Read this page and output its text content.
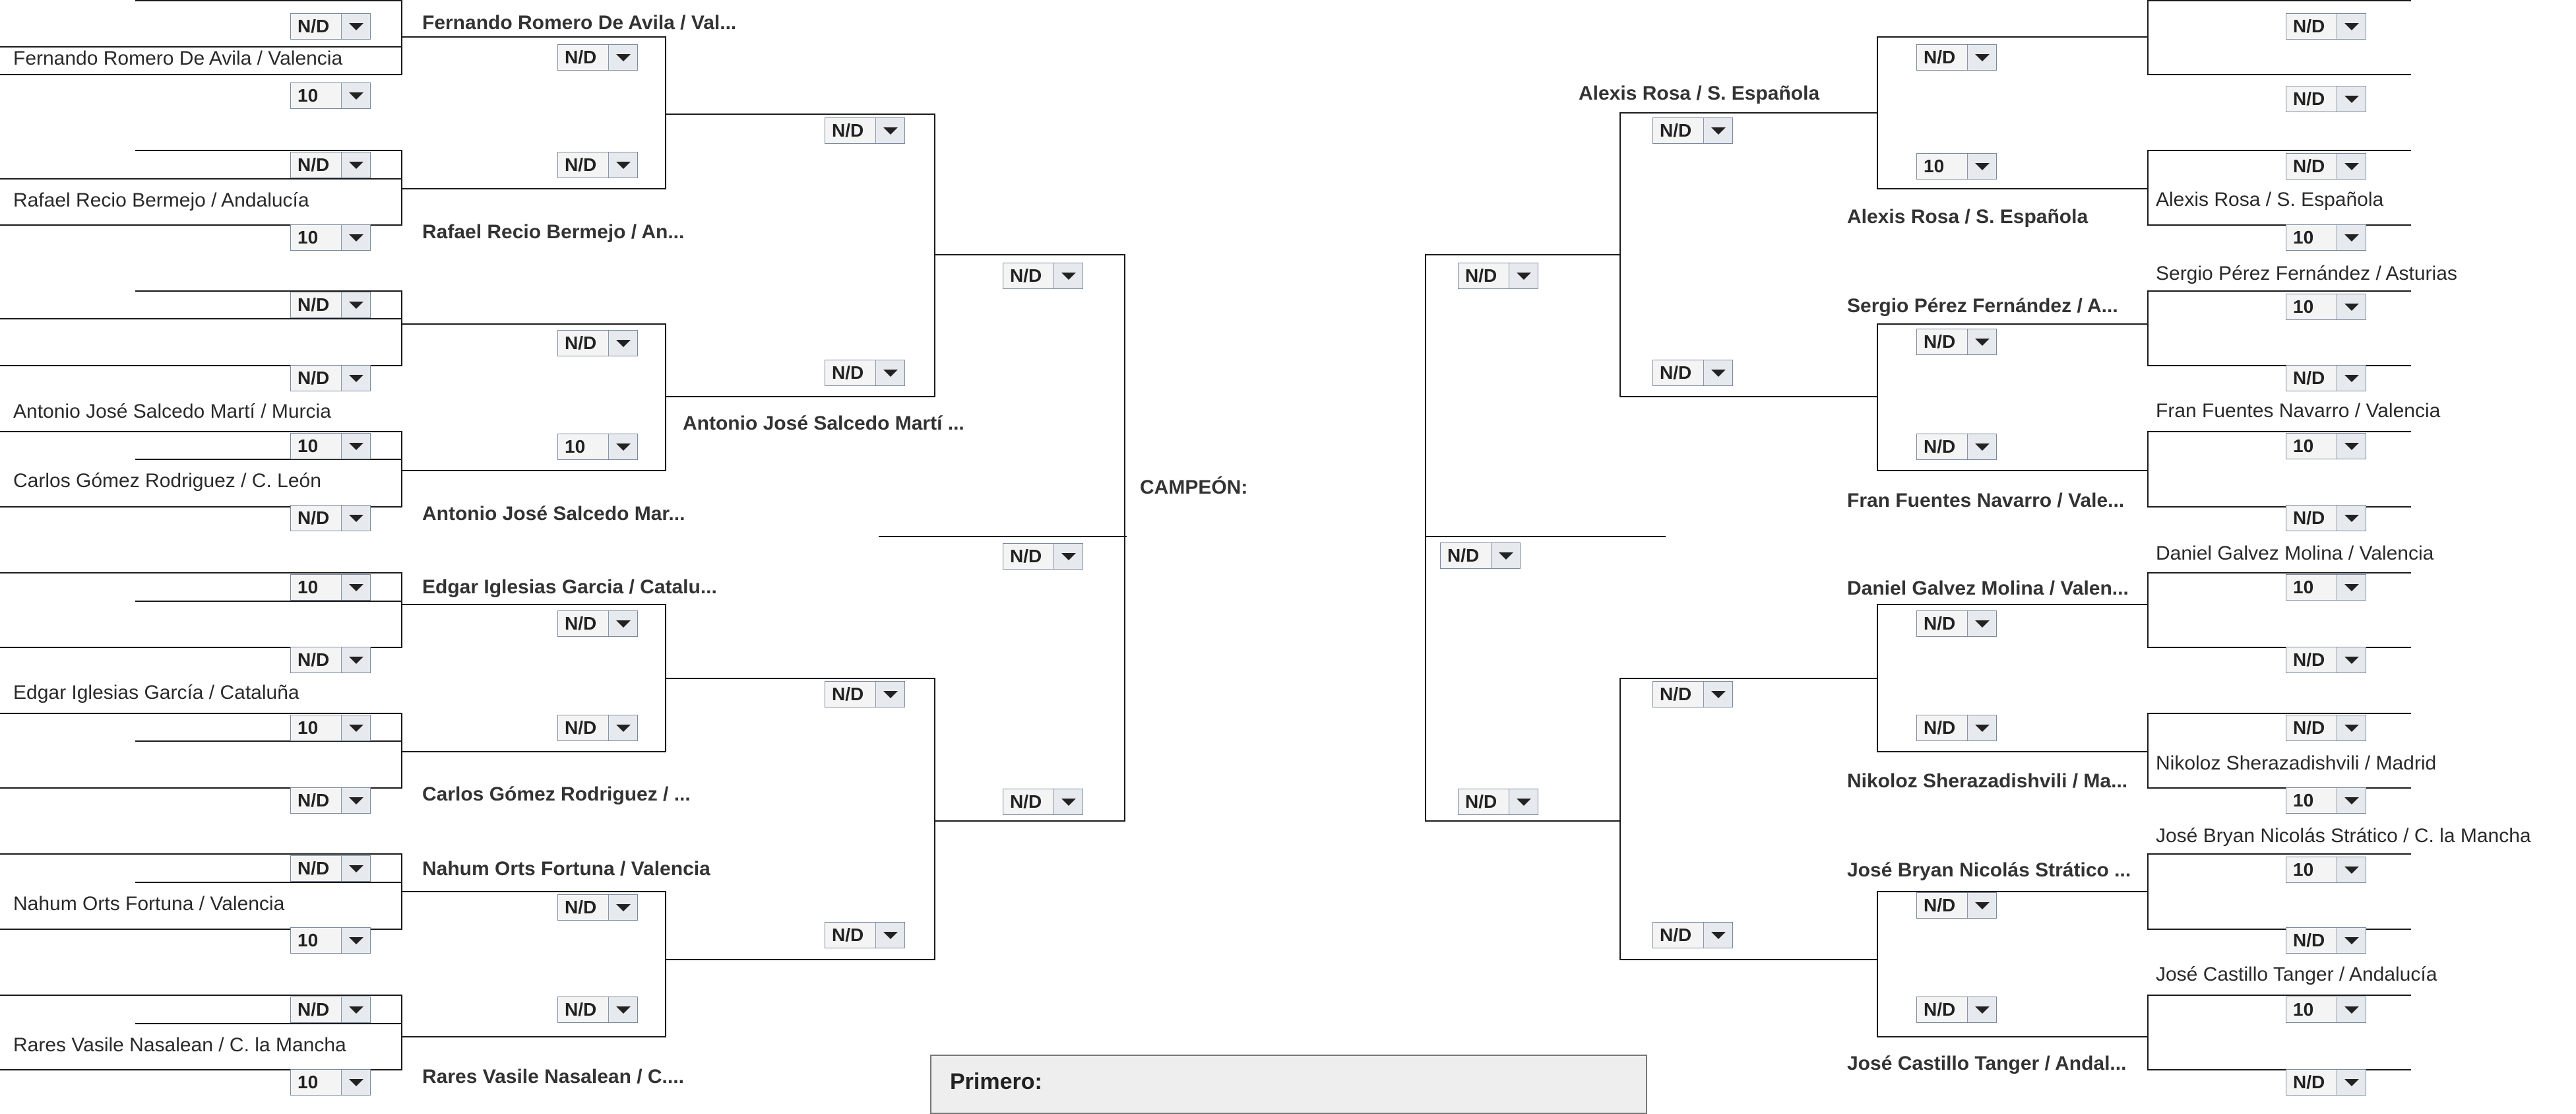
Fernando Romero De Avila / Valencia
Rafael Recio Bermejo / Andalucía
Antonio José Salcedo Martí / Murcia
Carlos Gómez Rodriguez / C. León
Edgar Iglesias García / Cataluña
Nahum Orts Fortuna / Valencia
Rares Vasile Nasalean / C. la Mancha
Fernando Romero De Avila / Val...
Rafael Recio Bermejo / An...
Antonio José Salcedo Mar...
Edgar Iglesias Garcia / Catalu...
Carlos Gómez Rodriguez / ...
Nahum Orts Fortuna / Valencia
Rares Vasile Nasalean / C....
Antonio José Salcedo Martí ...
CAMPEÓN:
Alexis Rosa / S. Española
Alexis Rosa / S. Española
Sergio Pérez Fernández / A...
Fran Fuentes Navarro / Vale...
Daniel Galvez Molina / Valen...
Nikoloz Sherazadishvili / Ma...
José Bryan Nicolás Strático ...
José Castillo Tanger / Andal...
Alexis Rosa / S. Española
Sergio Pérez Fernández / Asturias
Fran Fuentes Navarro / Valencia
Daniel Galvez Molina / Valencia
Nikoloz Sherazadishvili / Madrid
José Bryan Nicolás Strático / C. la Mancha
José Castillo Tanger / Andalucía
N/D
10
N/D
10
N/D
N/D
10
N/D
10
N/D
10
N/D
N/D
10
N/D
10
N/D
N/D
N/D
10
N/D
N/D
N/D
N/D
N/D
N/D
N/D
N/D
N/D
N/D
N/D	N/D
N/D
N/D
N/D
N/D
N/D
N/D
N/D
10
N/D
N/D
N/D
N/D
N/D
N/D
N/D
N/D
N/D
10
10
N/D
10
N/D
10
N/D
N/D
10
10
N/D
10
N/D
Primero:
